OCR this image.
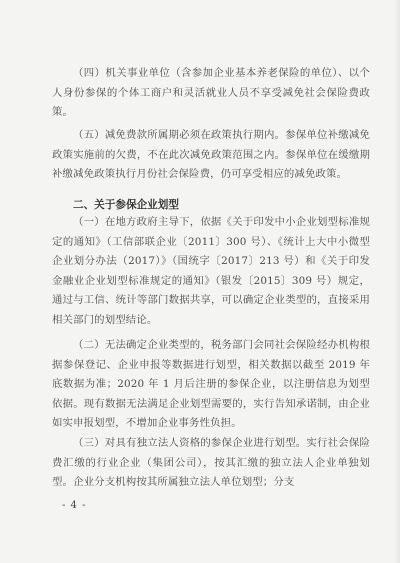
（四）机关事业单位（含参加企业基本养老保险的单位）、以个人身份参保的个体工商户和灵活就业人员不享受减免社会保险费政策。

（五）减免费款所属期必须在政策执行期内。参保单位补缴减免政策实施前的欠费，不在此次减免政策范围之内。参保单位在缓缴期补缴减免政策执行月份社会保险费，仍可享受相应的减免政策。

二、关于参保企业划型

（一）在地方政府主导下，依据《关于印发中小企业划型标准规定的通知》（工信部联企业〔2011〕300 号）、《统计上大中小微型企业划分办法（2017）》（国统字〔2017〕213 号）和《关于印发金融业企业划型标准规定的通知》（银发〔2015〕309 号）规定，通过与工信、统计等部门数据共享，可以确定企业类型的，直接采用相关部门的划型结论。

（二）无法确定企业类型的，税务部门会同社会保险经办机构根据参保登记、企业申报等数据进行划型，相关数据以截至 2019 年底数据为准；2020 年 1 月后注册的参保企业，以注册信息为划型依据。现有数据无法满足企业划型需要的，实行告知承诺制，由企业如实申报划型，不增加企业事务性负担。

（三）对具有独立法人资格的参保企业进行划型。实行社会保险费汇缴的行业企业（集团公司），按其汇缴的独立法人企业单独划型。企业分支机构按其所属独立法人单位划型；分支

- 4 -
